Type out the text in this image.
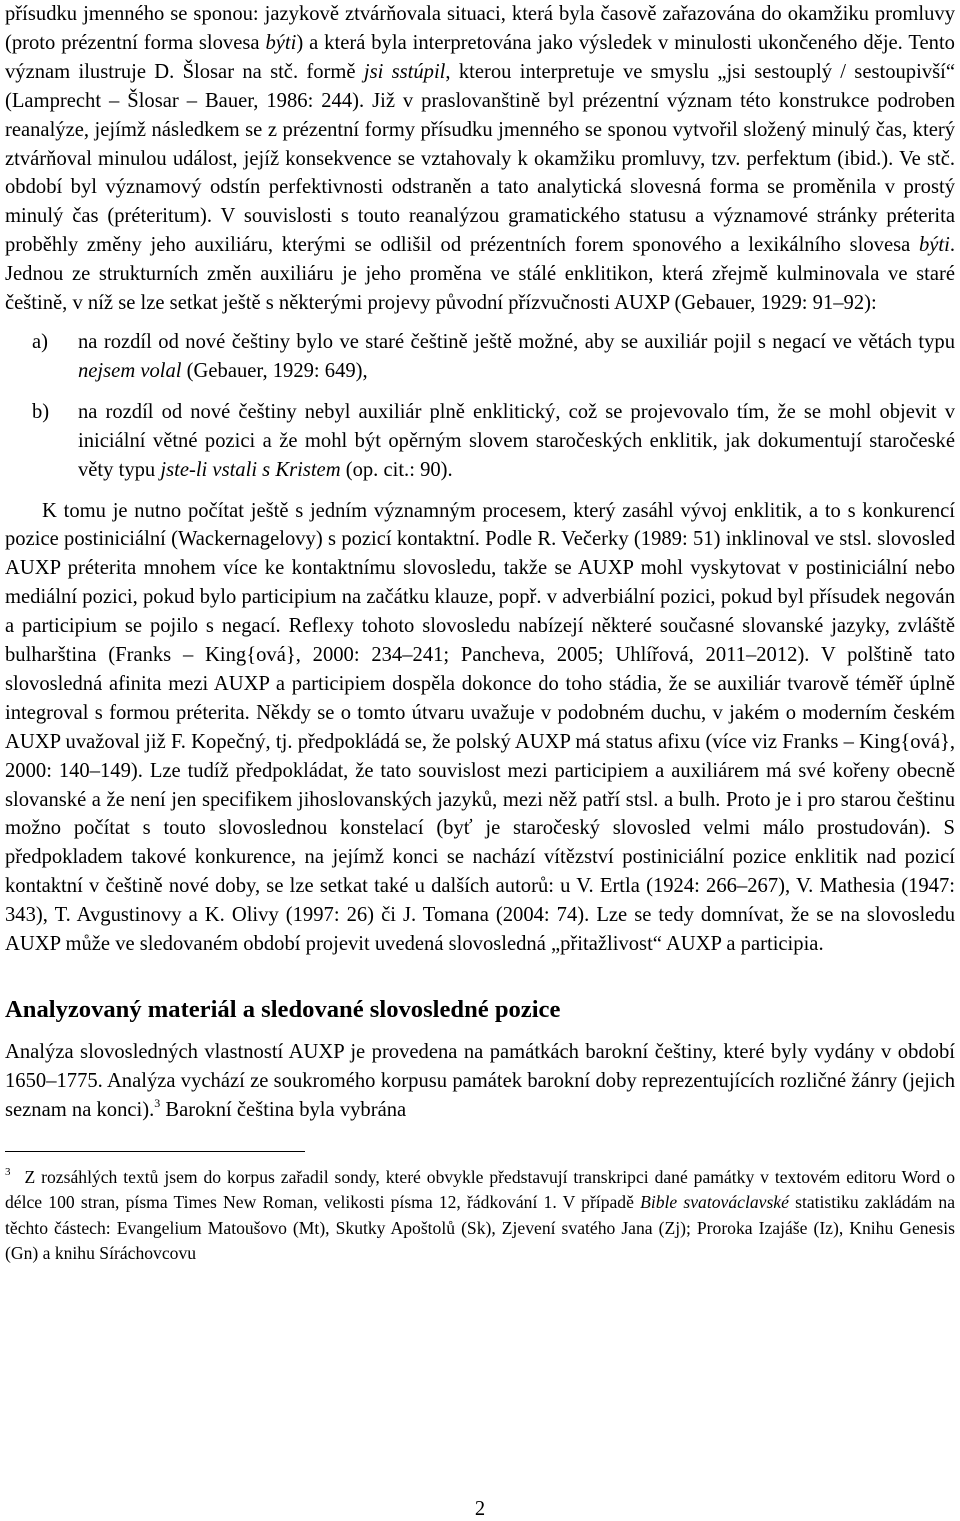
přísudku jmenného se sponou: jazykově ztvárňovala situaci, která byla časově zařazována do okamžiku promluvy (proto prézentní forma slovesa býti) a která byla interpretována jako výsledek v minulosti ukončeného děje. Tento význam ilustruje D. Šlosar na stč. formě jsi sstúpil, kterou interpretuje ve smyslu „jsi sestouplý / sestoupivší“ (Lamprecht – Šlosar – Bauer, 1986: 244). Již v praslovanštině byl prézentní význam této konstrukce podroben reanalýze, jejímž následkem se z prézentní formy přísudku jmenného se sponou vytvořil složený minulý čas, který ztvárňoval minulou událost, jejíž konsekvence se vztahovaly k okamžiku promluvy, tzv. perfektum (ibid.). Ve stč. období byl významový odstín perfektivnosti odstraněn a tato analytická slovesná forma se proměnila v prostý minulý čas (préteritum). V souvislosti s touto reanalýzou gramatického statusu a významové stránky préterita proběhly změny jeho auxiliáru, kterými se odlišil od prézentních forem sponového a lexikálního slovesa býti. Jednou ze strukturních změn auxiliáru je jeho proměna ve stálé enklitikon, která zřejmě kulminovala ve staré češtině, v níž se lze setkat ještě s některými projevy původní přízvučnosti AUXP (Gebauer, 1929: 91–92):

a) na rozdíl od nové češtiny bylo ve staré češtině ještě možné, aby se auxiliár pojil s negací ve větách typu nejsem volal (Gebauer, 1929: 649),
b) na rozdíl od nové češtiny nebyl auxiliár plně enklitický, což se projevovalo tím, že se mohl objevit v iniciální větné pozici a že mohl být opěrným slovem staročeských enklitik, jak dokumentují staročeské věty typu jste-li vstali s Kristem (op. cit.: 90).

K tomu je nutno počítat ještě s jedním významným procesem, který zasáhl vývoj enklitik, a to s konkurencí pozice postiniciální (Wackernagelovy) s pozicí kontaktní. Podle R. Večerky (1989: 51) inklinoval ve stsl. slovosled AUXP préterita mnohem více ke kontaktnímu slovosledu, takže se AUXP mohl vyskytovat v postiniciální nebo mediální pozici, pokud bylo participium na začátku klauze, popř. v adverbiální pozici, pokud byl přísudek negován a participium se pojilo s negací. Reflexy tohoto slovosledu nabízejí některé současné slovanské jazyky, zvláště bulharština (Franks – King{ová}, 2000: 234–241; Pancheva, 2005; Uhlířová, 2011–2012). V polštině tato slovosledná afinita mezi AUXP a participiem dospěla dokonce do toho stádia, že se auxiliár tvarově téměř úplně integroval s formou préterita. Někdy se o tomto útvaru uvažuje v podobném duchu, v jakém o moderním českém AUXP uvažoval již F. Kopečný, tj. předpokládá se, že polský AUXP má status afixu (více viz Franks – King{ová}, 2000: 140–149). Lze tudíž předpokládat, že tato souvislost mezi participiem a auxiliárem má své kořeny obecně slovanské a že není jen specifikem jihoslovanských jazyků, mezi něž patří stsl. a bulh. Proto je i pro starou češtinu možno počítat s touto slovoslednou konstelací (byť je staročeský slovosled velmi málo prostudován). S předpokladem takové konkurence, na jejímž konci se nachází vítězství postiniciální pozice enklitik nad pozicí kontaktní v češtině nové doby, se lze setkat také u dalších autorů: u V. Ertla (1924: 266–267), V. Mathesia (1947: 343), T. Avgustinovy a K. Olivy (1997: 26) či J. Tomana (2004: 74). Lze se tedy domnívat, že se na slovosledu AUXP může ve sledovaném období projevit uvedená slovosledná „přitažlivost“ AUXP a participia.

Analyzovaný materiál a sledované slovosledné pozice

Analýza slovosledných vlastností AUXP je provedena na památkách barokní češtiny, které byly vydány v období 1650–1775. Analýza vychází ze soukromého korpusu památek barokní doby reprezentujících rozličné žánry (jejich seznam na konci).$^3$ Barokní čeština byla vybrána

$^3$ Z rozsáhlých textů jsem do korpus zařadil sondy, které obvykle představují transkripci dané památky v textovém editoru Word o délce 100 stran, písma Times New Roman, velikosti písma 12, řádkování 1. V případě Bible svatováclavské statistiku zakládám na těchto částech: Evangelium Matoušovo (Mt), Skutky Apoštolů (Sk), Zjevení svatého Jana (Zj); Proroka Izajáše (Iz), Knihu Genesis (Gn) a knihu Síráchovcovu

2
